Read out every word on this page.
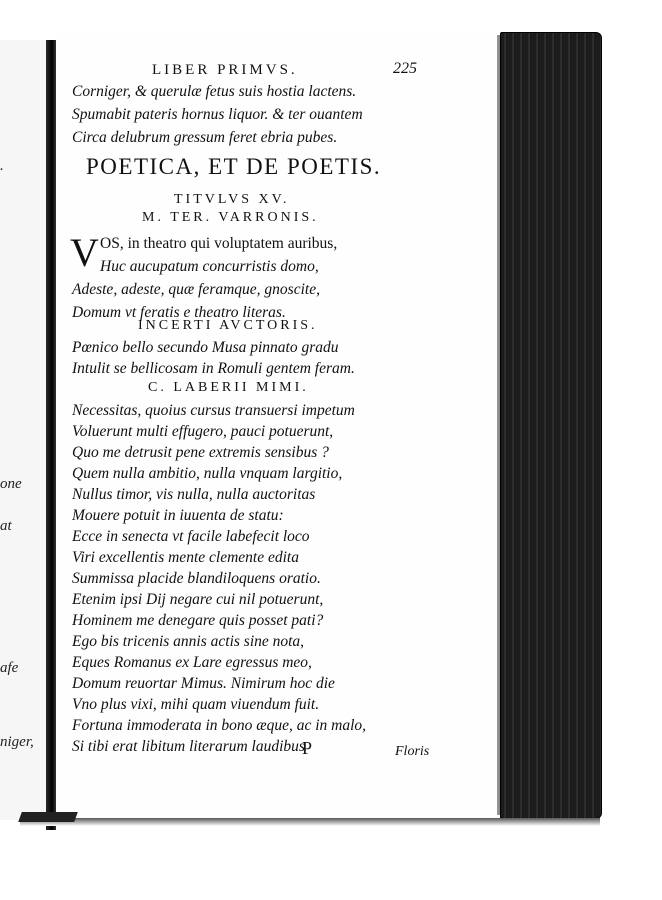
.
one
at
afe
niger,
LIBER PRIMVS.	225
Corniger, & querulæ fetus suis hostia lactens.
Spumabit pateris hornus liquor. & ter ouantem
Circa delubrum gressum feret ebria pubes.
POETICA, ET DE POETIS.
TITVLVS XV.
M. TER. VARRONIS.
V OS, in theatro qui voluptatem auribus,
Huc aucupatum concurristis domo,
Adeste, adeste, quæ feramque, gnoscite,
Domum vt feratis e theatro literas.
INCERTI AVCTORIS.
Pœnico bello secundo Musa pinnato gradu
Intulit se bellicosam in Romuli gentem feram.
C. LABERII MIMI.
Necessitas, quoius cursus transuersi impetum
Voluerunt multi effugero, pauci potuerunt,
Quo me detrusit pene extremis sensibus ?
Quem nulla ambitio, nulla vnquam largitio,
Nullus timor, vis nulla, nulla auctoritas
Mouere potuit in iuuenta de statu:
Ecce in senecta vt facile labefecit loco
Viri excellentis mente clemente edita
Summissa placide blandiloquens oratio.
Etenim ipsi Dij negare cui nil potuerunt,
Hominem me denegare quis posset pati?
Ego bis tricenis annis actis sine nota,
Eques Romanus ex Lare egressus meo,
Domum reuortar Mimus. Nimirum hoc die
Vno plus vixi, mihi quam viuendum fuit.
Fortuna immoderata in bono æque, ac in malo,
Si tibi erat libitum literarum laudibus
P	Floris
